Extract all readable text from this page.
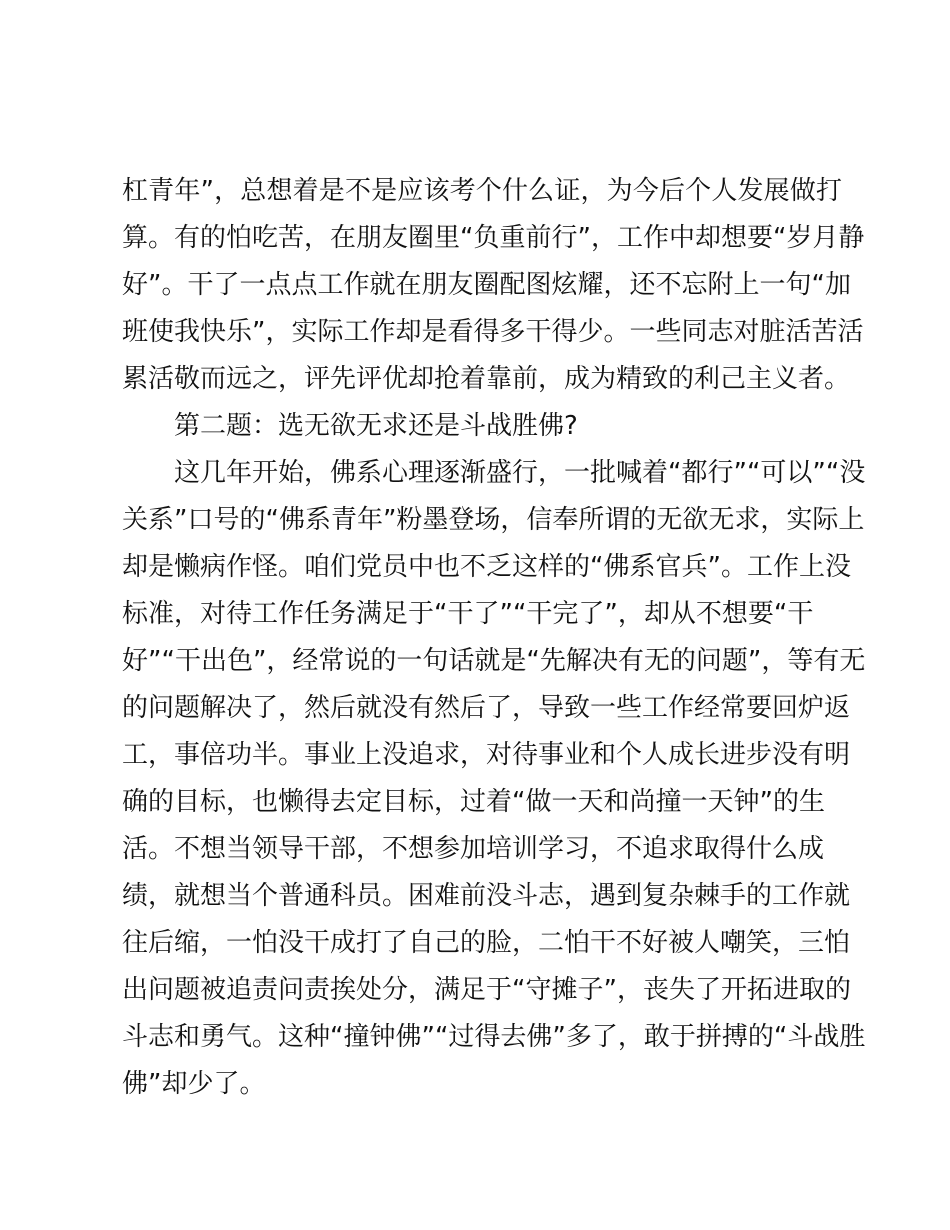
杠青年”，总想着是不是应该考个什么证，为今后个人发展做打
算。有的怕吃苦，在朋友圈里“负重前行”，工作中却想要“岁月静
好”。干了一点点工作就在朋友圈配图炫耀，还不忘附上一句“加
班使我快乐”，实际工作却是看得多干得少。一些同志对脏活苦活
累活敬而远之，评先评优却抢着靠前，成为精致的利己主义者。
第二题：选无欲无求还是斗战胜佛?
这几年开始，佛系心理逐渐盛行，一批喊着“都行”“可以”“没
关系”口号的“佛系青年”粉墨登场，信奉所谓的无欲无求，实际上
却是懒病作怪。咱们党员中也不乏这样的“佛系官兵”。工作上没
标准，对待工作任务满足于“干了”“干完了”，却从不想要“干
好”“干出色”，经常说的一句话就是“先解决有无的问题”，等有无
的问题解决了，然后就没有然后了，导致一些工作经常要回炉返
工，事倍功半。事业上没追求，对待事业和个人成长进步没有明
确的目标，也懒得去定目标，过着“做一天和尚撞一天钟”的生
活。不想当领导干部，不想参加培训学习，不追求取得什么成
绩，就想当个普通科员。困难前没斗志，遇到复杂棘手的工作就
往后缩，一怕没干成打了自己的脸，二怕干不好被人嘲笑，三怕
出问题被追责问责挨处分，满足于“守摊子”，丧失了开拓进取的
斗志和勇气。这种“撞钟佛”“过得去佛”多了，敢于拼搏的“斗战胜
佛”却少了。
